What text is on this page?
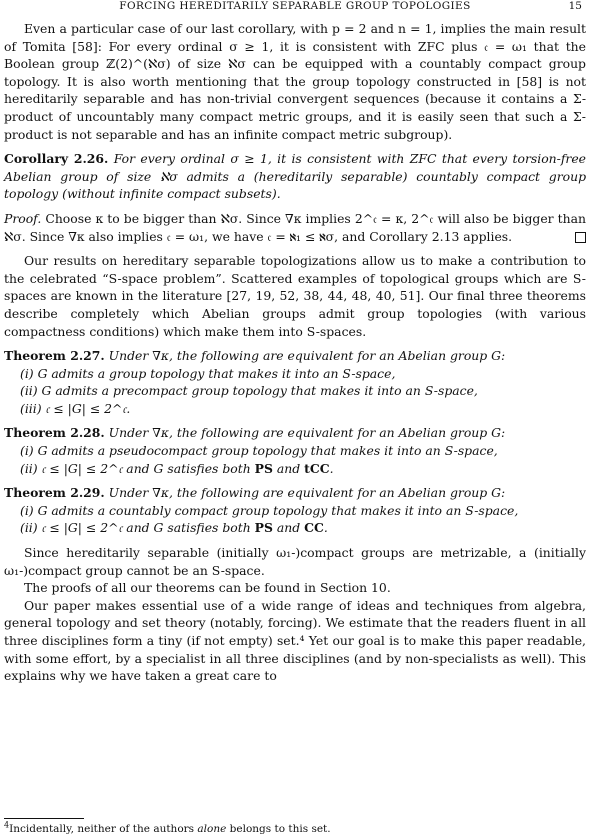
FORCING HEREDITARILY SEPARABLE GROUP TOPOLOGIES	15

Even a particular case of our last corollary, with p = 2 and n = 1, implies the main result of Tomita [58]: For every ordinal σ ≥ 1, it is consistent with ZFC plus 𝔠 = ω₁ that the Boolean group ℤ(2)^(ℵσ) of size ℵσ can be equipped with a countably compact group topology. It is also worth mentioning that the group topology constructed in [58] is not hereditarily separable and has non-trivial convergent sequences (because it contains a Σ-product of uncountably many compact metric groups, and it is easily seen that such a Σ-product is not separable and has an infinite compact metric subgroup).

Corollary 2.26. For every ordinal σ ≥ 1, it is consistent with ZFC that every torsion-free Abelian group of size ℵσ admits a (hereditarily separable) countably compact group topology (without infinite compact subsets).

Proof. Choose κ to be bigger than ℵσ. Since ∇κ implies 2^𝔠 = κ, 2^𝔠 will also be bigger than ℵσ. Since ∇κ also implies 𝔠 = ω₁, we have 𝔠 = ℵ₁ ≤ ℵσ, and Corollary 2.13 applies.

Our results on hereditary separable topologizations allow us to make a contribution to the celebrated “S-space problem”. Scattered examples of topological groups which are S-spaces are known in the literature [27, 19, 52, 38, 44, 48, 40, 51]. Our final three theorems describe completely which Abelian groups admit group topologies (with various compactness conditions) which make them into S-spaces.

Theorem 2.27. Under ∇κ, the following are equivalent for an Abelian group G:

(i) G admits a group topology that makes it into an S-space,

(ii) G admits a precompact group topology that makes it into an S-space,

(iii) 𝔠 ≤ |G| ≤ 2^𝔠.

Theorem 2.28. Under ∇κ, the following are equivalent for an Abelian group G:

(i) G admits a pseudocompact group topology that makes it into an S-space,

(ii) 𝔠 ≤ |G| ≤ 2^𝔠 and G satisfies both PS and tCC.

Theorem 2.29. Under ∇κ, the following are equivalent for an Abelian group G:

(i) G admits a countably compact group topology that makes it into an S-space,

(ii) 𝔠 ≤ |G| ≤ 2^𝔠 and G satisfies both PS and CC.

Since hereditarily separable (initially ω₁-)compact groups are metrizable, a (initially ω₁-)compact group cannot be an S-space.

The proofs of all our theorems can be found in Section 10.

Our paper makes essential use of a wide range of ideas and techniques from algebra, general topology and set theory (notably, forcing). We estimate that the readers fluent in all three disciplines form a tiny (if not empty) set.⁴ Yet our goal is to make this paper readable, with some effort, by a specialist in all three disciplines (and by non-specialists as well). This explains why we have taken a great care to

$^4$Incidentally, neither of the authors alone belongs to this set.
